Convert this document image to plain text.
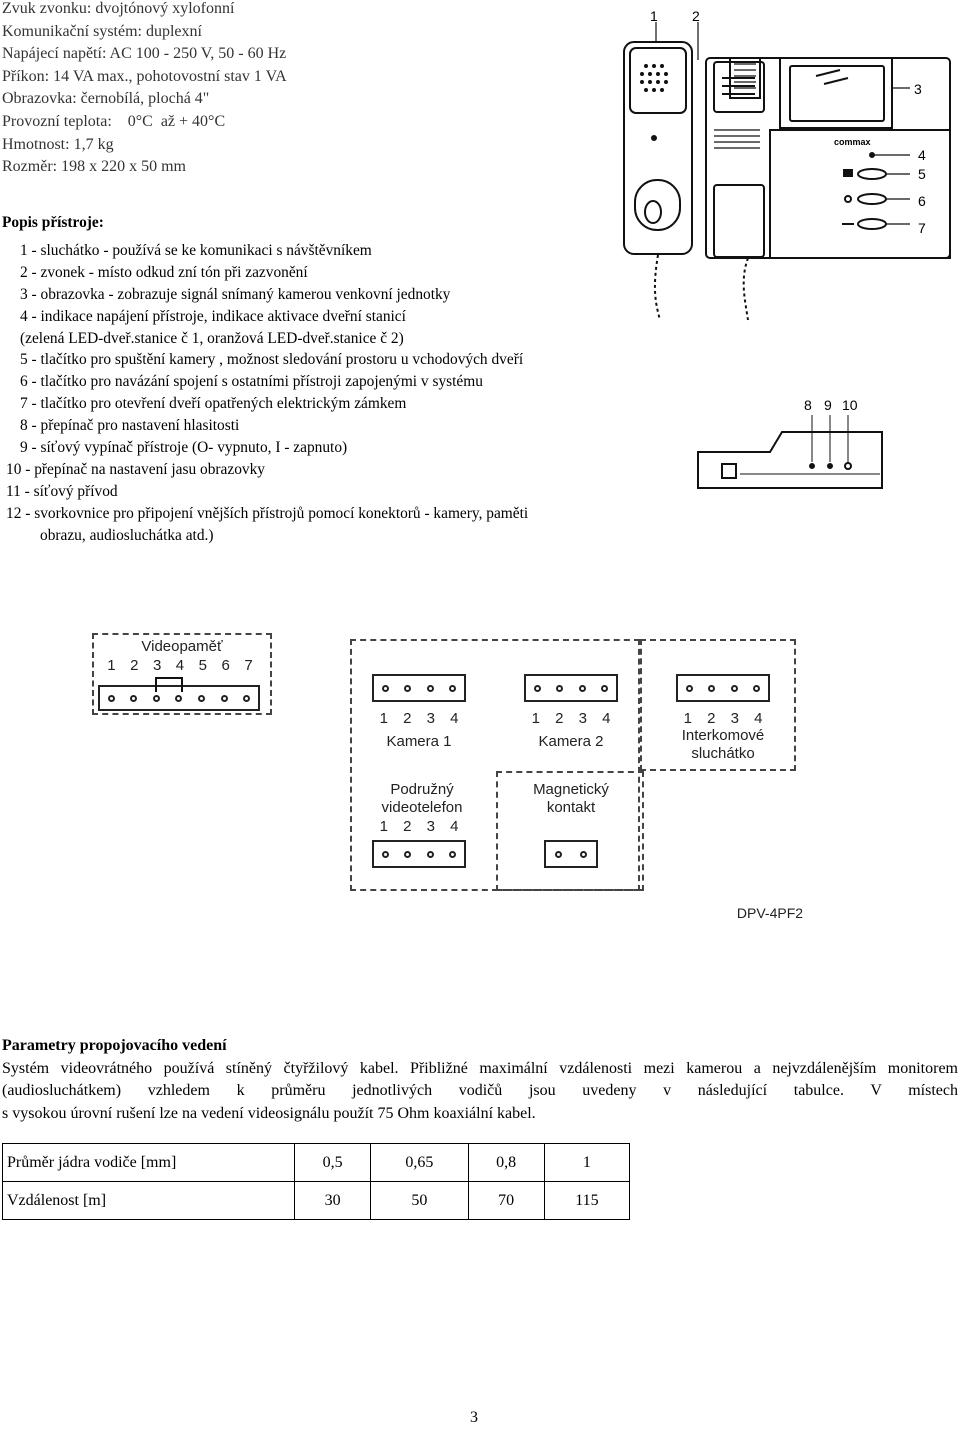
Zvuk zvonku: dvojtónový xylofonní
Komunikační systém: duplexní
Napájecí napětí: AC 100 - 250 V, 50 - 60 Hz
Příkon: 14 VA max., pohotovostní stav 1 VA
Obrazovka: černobílá, plochá 4"
Provozní teplota:    0°C  až + 40°C
Hmotnost: 1,7 kg
Rozměr: 198 x 220 x 50 mm
Popis přístroje:
1 - sluchátko - používá se ke komunikaci s návštěvníkem
2 - zvonek - místo odkud zní tón při zazvonění
3 - obrazovka - zobrazuje signál snímaný kamerou venkovní jednotky
4 - indikace napájení přístroje, indikace aktivace dveřní stanicí
(zelená LED-dveř.stanice č 1, oranžová LED-dveř.stanice č 2)
5 - tlačítko pro spuštění kamery , možnost sledování prostoru u vchodových dveří
6 - tlačítko pro navázání spojení s ostatními přístroji zapojenými v systému
7 - tlačítko pro otevření dveří opatřených elektrickým zámkem
8 - přepínač pro nastavení hlasitosti
9 - síťový vypínač přístroje (O- vypnuto, I - zapnuto)
10 - přepínač na nastavení jasu obrazovky
11 - síťový přívod
12 - svorkovnice pro připojení vnějších přístrojů pomocí konektorů - kamery, paměti
obrazu, audiosluchátka atd.)
commax
1 2
3
4
5
6
7
8 9 10
Videopaměť
1 2 3 4 5 6 7
1 2 3 4
Kamera 1
1 2 3 4
Kamera 2
1 2 3 4
Interkomové
sluchátko
Podružný
videotelefon
1 2 3 4
Magnetický
kontakt
DPV-4PF2
Parametry propojovacího vedení
Systém videovrátného používá stíněný čtyřžilový kabel. Přibližné maximální vzdálenosti mezi kamerou a nejvzdálenějším monitorem (audiosluchátkem) vzhledem k průměru jednotlivých vodičů jsou uvedeny v následující tabulce. V místech
s vysokou úrovní rušení lze na vedení videosignálu použít 75 Ohm koaxiální kabel.
Průměr jádra vodiče [mm]	0,5	0,65	0,8	1
Vzdálenost [m]	30	50	70	115
3
